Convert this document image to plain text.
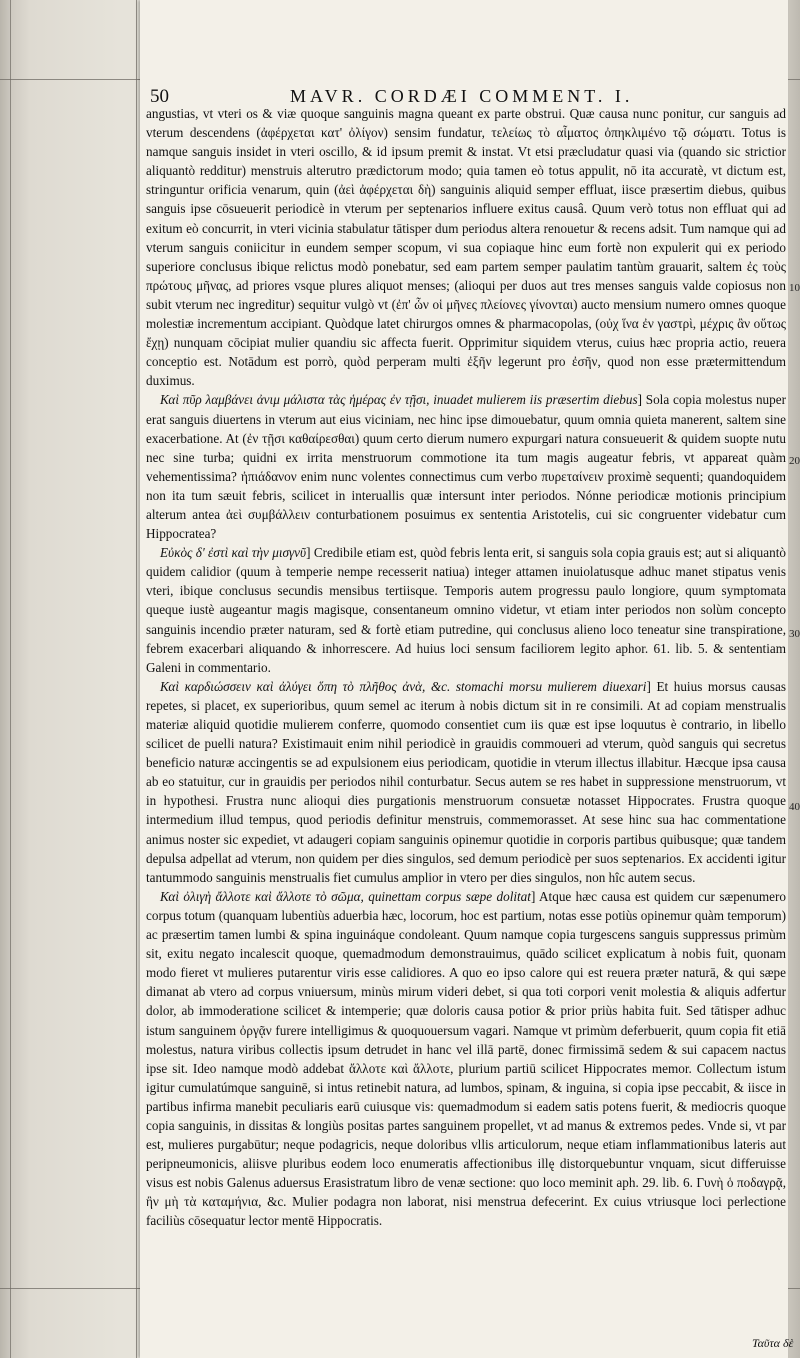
50	MAVR. CORDÆI COMMENT. I.

angustias, vt vteri os & viæ quoque sanguinis magna queant ex parte obstrui. Quæ causa nunc ponitur, cur sanguis ad vterum descendens (ἀφέρχεται κατ' ὀλίγον) sensim fundatur, τελείως τὸ αἷματος ὀπηκλιμένο τῷ σώματι. Totus is namque sanguis insidet in vteri oscillo, & id ipsum premit & instat. Vt etsi præcludatur quasi via (quando sic strictior aliquantò redditur) menstruis alterutro prædictorum modo; quia tamen eò totus appulit, nō ita accuratè, vt dictum est, stringuntur orificia venarum, quin (ἀεὶ ἀφέρχεται δὴ) sanguinis aliquid semper effluat, iisce præsertim diebus, quibus sanguis ipse cōsueuerit periodicè in vterum per septenarios influere exitus causâ. Quum verò totus non effluat qui ad exitum eò concurrit, in vteri vicinia stabulatur tātisper dum periodus altera renouetur & recens adsit. Tum namque qui ad vterum sanguis coniicitur in eundem semper scopum, vi sua copiaque hinc eum fortè non expulerit qui ex periodo superiore conclusus ibique relictus modò ponebatur, sed eam partem semper paulatim tantùm grauarit, saltem ἐς τοὺς πρώτους μῆνας, ad priores vsque plures aliquot menses; (alioqui per duos aut tres menses sanguis valde copiosus non subit vterum nec ingreditur) sequitur vulgò vt (ἐπ' ὧν οἱ μῆνες πλείονες γίνονται) aucto mensium numero omnes quoque molestiæ incrementum accipiant. Quòdque latet chirurgos omnes & pharmacopolas, (οὐχ ἵνα ἐν γαστρὶ, μέχρις ἂν οὕτως ἔχῃ) nunquam cōcipiat mulier quandiu sic affecta fuerit. Opprimitur siquidem vterus, cuius hæc propria actio, reuera conceptio est. Notādum est porrò, quòd perperam multi ἐξῆν legerunt pro ἐσῆν, quod non esse prætermittendum duximus.

Καὶ πῦρ λαμβάνει ἀνιμ μάλιστα τὰς ἡμέρας ἐν τῇσι, inuadet mulierem iis præsertim diebus] Sola copia molestus nuper erat sanguis diuertens in vterum aut eius viciniam, nec hinc ipse dimouebatur, quum omnia quieta manerent, saltem sine exacerbatione. At (ἐν τῇσι καθαίρεσθαι) quum certo dierum numero expurgari natura consueuerit & quidem suopte nutu nec sine turba; quidni ex irrita menstruorum commotione ita tum magis augeatur febris, vt appareat quàm vehementissima? ἠπιάδανον enim nunc volentes connectimus cum verbo πυρεταίνειν proximè sequenti; quandoquidem non ita tum sæuit febris, scilicet in interuallis quæ intersunt inter periodos. Nónne periodicæ motionis principium alterum antea ἀεὶ συμβάλλειν conturbationem posuimus ex sententia Aristotelis, cui sic congruenter videbatur cum Hippocratea?

Εὐκὸς δ' ἐστὶ καὶ τὴν μισγνῦ] Credibile etiam est, quòd febris lenta erit, si sanguis sola copia grauis est; aut si aliquantò quidem calidior (quum à temperie nempe recesserit natiua) integer attamen inuiolatusque adhuc manet stipatus venis vteri, ibique conclusus secundis mensibus tertiisque. Temporis autem progressu paulo longiore, quum symptomata queque iustè augeantur magis magisque, consentaneum omnino videtur, vt etiam inter periodos non solùm concepto sanguinis incendio præter naturam, sed & fortè etiam putredine, qui conclusus alieno loco teneatur sine transpiratione, febrem exacerbari aliquando & inhorrescere. Ad huius loci sensum faciliorem legito aphor. 61. lib. 5. & sententiam Galeni in commentario.

Καὶ καρδιώσσειν καὶ ἀλύγει ὅπη τὸ πλῆθος ἀνὰ, &c. stomachi morsu mulierem diuexari] Et huius morsus causas repetes, si placet, ex superioribus, quum semel ac iterum à nobis dictum sit in re consimili. At ad copiam menstrualis materiæ aliquid quotidie mulierem conferre, quomodo consentiet cum iis quæ est ipse loquutus è contrario, in libello scilicet de puelli natura? Existimauit enim nihil periodicè in grauidis commoueri ad vterum, quòd sanguis qui secretus beneficio naturæ accingentis se ad expulsionem eius periodicam, quotidie in vterum illectus illabitur. Hæcque ipsa causa ab eo statuitur, cur in grauidis per periodos nihil conturbatur. Secus autem se res habet in suppressione menstruorum, vt in hypothesi. Frustra nunc alioqui dies purgationis menstruorum consuetæ notasset Hippocrates. Frustra quoque intermedium illud tempus, quod periodis definitur menstruis, commemorasset. At sese hinc sua hac commentatione animus noster sic expediet, vt adaugeri copiam sanguinis opinemur quotidie in corporis partibus quibusque; quæ tandem depulsa adpellat ad vterum, non quidem per dies singulos, sed demum periodicè per suos septenarios. Ex accidenti igitur tantummodo sanguinis menstrualis fiet cumulus amplior in vtero per dies singulos, non hîc autem secus.

Καὶ ὀλιγὴ ἄλλοτε καὶ ἄλλοτε τὸ σῶμα, quinettam corpus sæpe dolitat] Atque hæc causa est quidem cur sæpenumero corpus totum (quanquam lubentiùs aduerbia hæc, locorum, hoc est partium, notas esse potiùs opinemur quàm temporum) ac præsertim tamen lumbi & spina inguináque condoleant. Quum namque copia turgescens sanguis suppressus primùm sit, exitu negato incalescit quoque, quemadmodum demonstrauimus, quādo scilicet explicatum à nobis fuit, quonam modo fieret vt mulieres putarentur viris esse calidiores. A quo eo ipso calore qui est reuera præter naturā, & qui sæpe dimanat ab vtero ad corpus vniuersum, minùs mirum videri debet, si qua toti corpori venit molestia & aliquis adfertur dolor, ab immoderatione scilicet & intemperie; quæ doloris causa potior & prior priùs habita fuit. Sed tātisper adhuc istum sanguinem ὀργᾷν furere intelligimus & quoquouersum vagari. Namque vt primùm deferbuerit, quum copia fit etiā molestus, natura viribus collectis ipsum detrudet in hanc vel illā partē, donec firmissimā sedem & sui capacem nactus ipse sit. Ideo namque modò addebat ἄλλοτε καὶ ἄλλοτε, plurium partiū scilicet Hippocrates memor. Collectum istum igitur cumulatúmque sanguinē, si intus retinebit natura, ad lumbos, spinam, & inguina, si copia ipse peccabit, & iisce in partibus infirma manebit peculiaris earū cuiusque vis: quemadmodum si eadem satis potens fuerit, & mediocris quoque copia sanguinis, in dissitas & longiùs positas partes sanguinem propellet, vt ad manus & extremos pedes. Vnde si, vt par est, mulieres purgabūtur; neque podagricis, neque doloribus vllis articulorum, neque etiam inflammationibus lateris aut peripneumonicis, aliisve pluribus eodem loco enumeratis affectionibus illę distorquebuntur vnquam, sicut differuisse visus est nobis Galenus aduersus Erasistratum libro de venæ sectione: quo loco meminit aph. 29. lib. 6. Γυνὴ ὁ ποδαγρᾷ, ἢν μὴ τὰ καταμήνια, &c. Mulier podagra non laborat, nisi menstrua defecerint. Ex cuius vtriusque loci perlectione faciliùs cōsequatur lector mentē Hippocratis.

10
20
30
40
Ταῦτα δὲ
